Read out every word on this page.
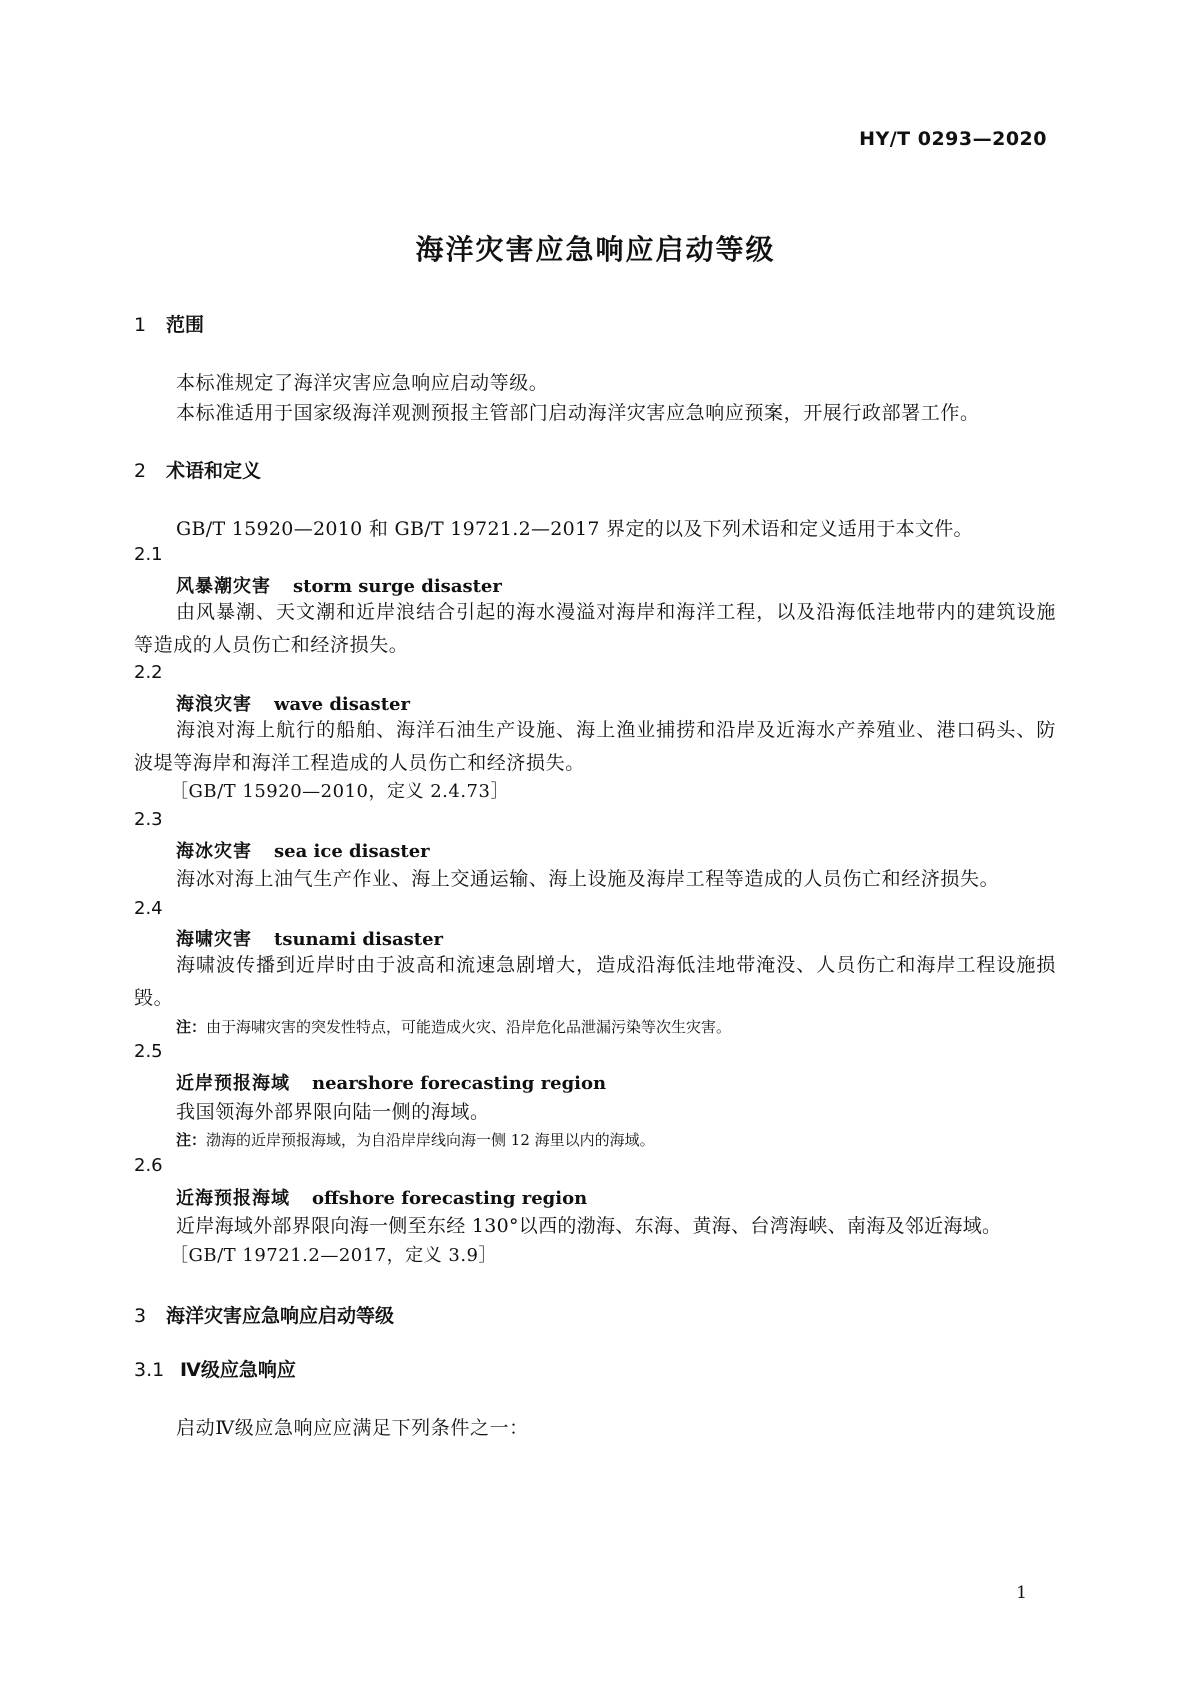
HY/T 0293—2020
海洋灾害应急响应启动等级
1 范围
本标准规定了海洋灾害应急响应启动等级。
本标准适用于国家级海洋观测预报主管部门启动海洋灾害应急响应预案，开展行政部署工作。
2 术语和定义
GB/T 15920—2010 和 GB/T 19721.2—2017 界定的以及下列术语和定义适用于本文件。
2.1
风暴潮灾害 storm surge disaster
由风暴潮、天文潮和近岸浪结合引起的海水漫溢对海岸和海洋工程，以及沿海低洼地带内的建筑设施等造成的人员伤亡和经济损失。
2.2
海浪灾害 wave disaster
海浪对海上航行的船舶、海洋石油生产设施、海上渔业捕捞和沿岸及近海水产养殖业、港口码头、防波堤等海岸和海洋工程造成的人员伤亡和经济损失。
［GB/T 15920—2010，定义 2.4.73］
2.3
海冰灾害 sea ice disaster
海冰对海上油气生产作业、海上交通运输、海上设施及海岸工程等造成的人员伤亡和经济损失。
2.4
海啸灾害 tsunami disaster
海啸波传播到近岸时由于波高和流速急剧增大，造成沿海低洼地带淹没、人员伤亡和海岸工程设施损毁。
注：由于海啸灾害的突发性特点，可能造成火灾、沿岸危化品泄漏污染等次生灾害。
2.5
近岸预报海域 nearshore forecasting region
我国领海外部界限向陆一侧的海域。
注：渤海的近岸预报海域，为自沿岸岸线向海一侧 12 海里以内的海域。
2.6
近海预报海域 offshore forecasting region
近岸海域外部界限向海一侧至东经 130°以西的渤海、东海、黄海、台湾海峡、南海及邻近海域。
［GB/T 19721.2—2017，定义 3.9］
3 海洋灾害应急响应启动等级
3.1 Ⅳ级应急响应
启动Ⅳ级应急响应应满足下列条件之一：
1
